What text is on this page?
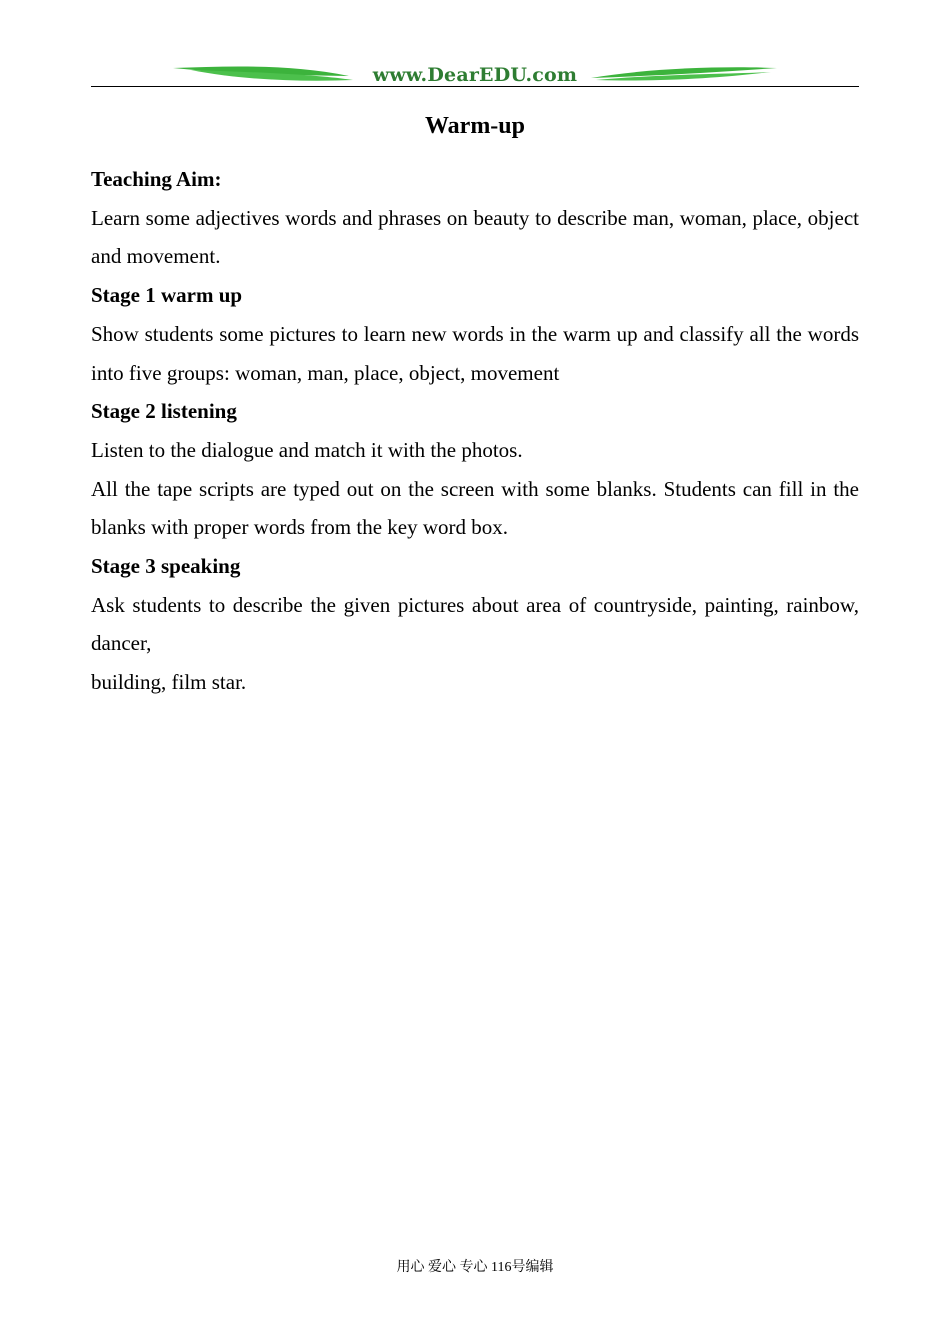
www.DearEDU.com
Warm-up

Teaching Aim:

Learn some adjectives words and phrases on beauty to describe man, woman, place, object and movement.

Stage 1 warm up

Show students some pictures to learn new words in the warm up and classify all the words into five groups: woman, man, place, object, movement

Stage 2 listening

Listen to the dialogue and match it with the photos.

All the tape scripts are typed out on the screen with some blanks. Students can fill in the blanks with proper words from the key word box.

Stage 3 speaking

Ask students to describe the given pictures about area of countryside, painting, rainbow, dancer,

building, film star.

用心 爱心 专心 116号编辑
